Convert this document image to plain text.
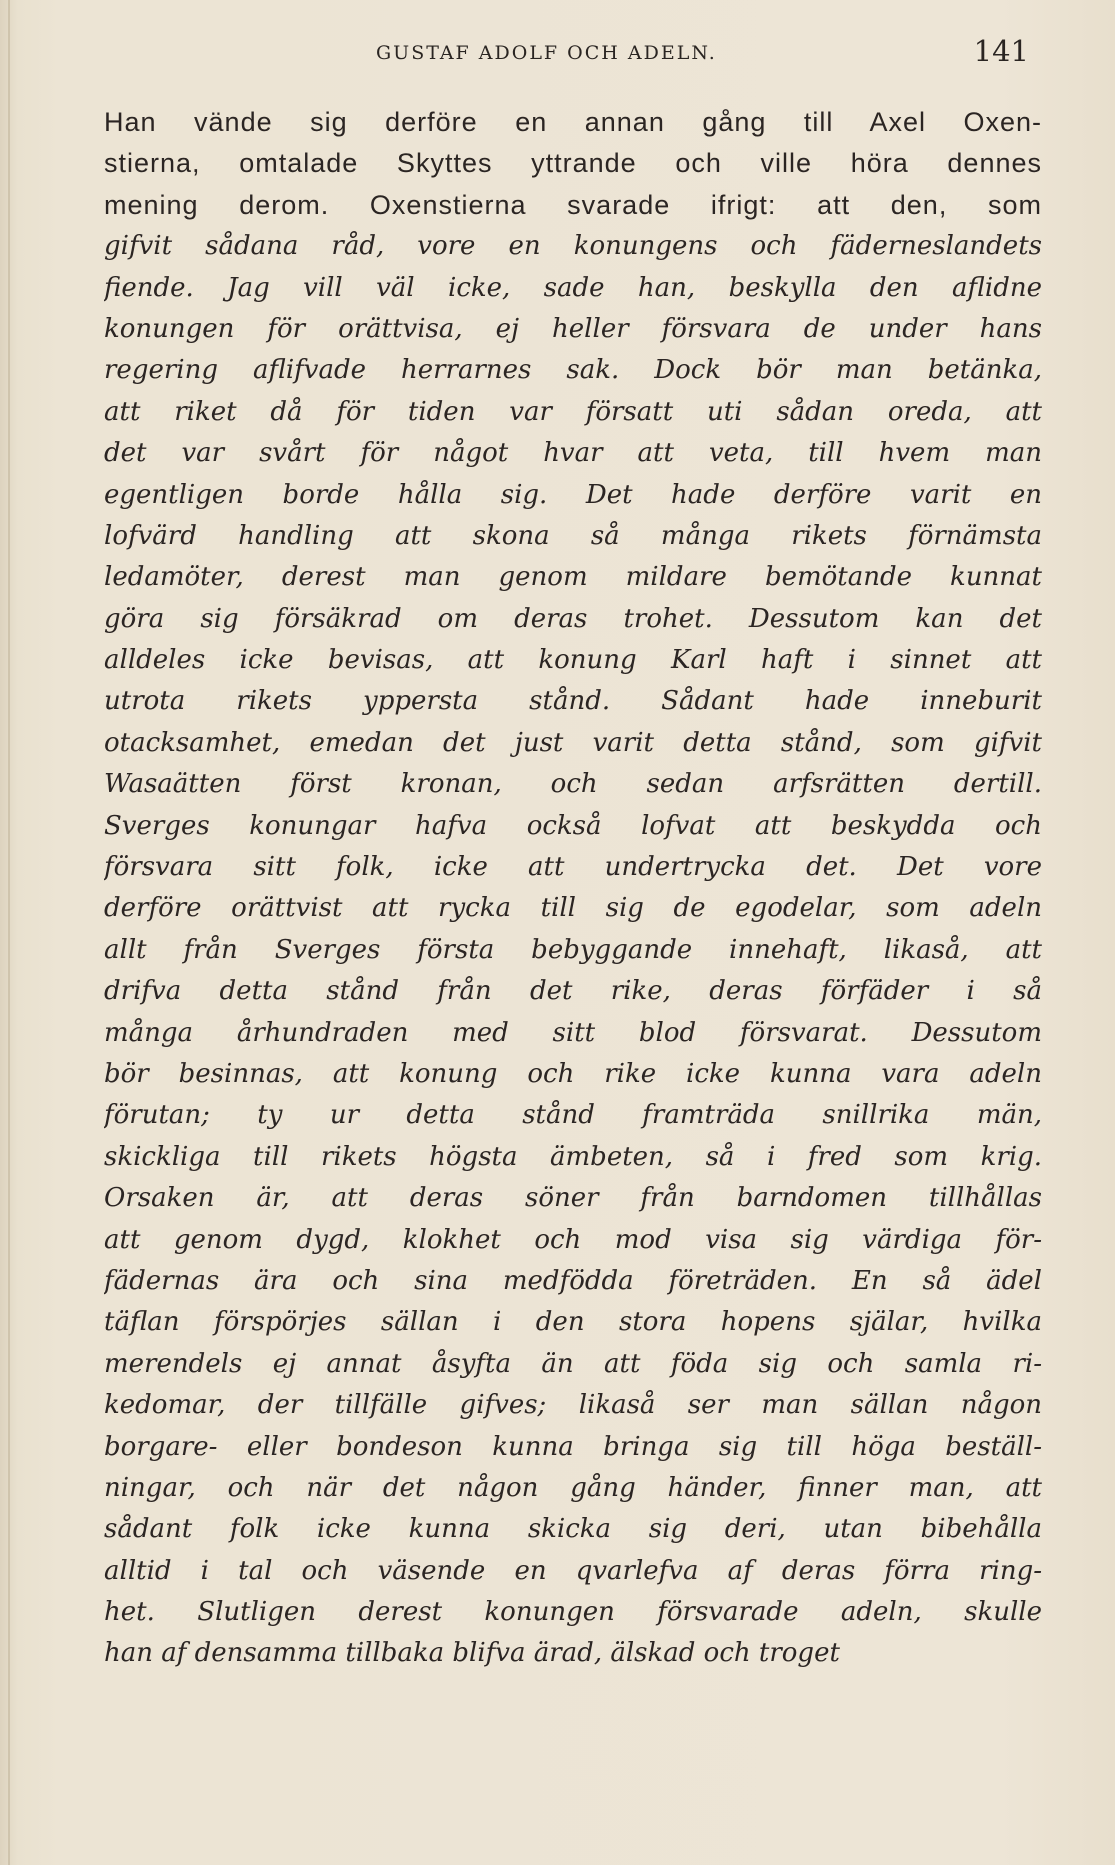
GUSTAF ADOLF OCH ADELN.	141
Han vände sig derföre en annan gång till Axel Oxen-
stierna, omtalade Skyttes yttrande och ville höra dennes
mening derom. Oxenstierna svarade ifrigt: att den, som
gifvit sådana råd, vore en konungens och fäderneslandets
fiende. Jag vill väl icke, sade han, beskylla den aflidne
konungen för orättvisa, ej heller försvara de under hans
regering aflifvade herrarnes sak. Dock bör man betänka,
att riket då för tiden var försatt uti sådan oreda, att
det var svårt för något hvar att veta, till hvem man
egentligen borde hålla sig. Det hade derföre varit en
lofvärd handling att skona så många rikets förnämsta
ledamöter, derest man genom mildare bemötande kunnat
göra sig försäkrad om deras trohet. Dessutom kan det
alldeles icke bevisas, att konung Karl haft i sinnet att
utrota rikets yppersta stånd. Sådant hade inneburit
otacksamhet, emedan det just varit detta stånd, som gifvit
Wasaätten först kronan, och sedan arfsrätten dertill.
Sverges konungar hafva också lofvat att beskydda och
försvara sitt folk, icke att undertrycka det. Det vore
derföre orättvist att rycka till sig de egodelar, som adeln
allt från Sverges första bebyggande innehaft, likaså, att
drifva detta stånd från det rike, deras förfäder i så
många århundraden med sitt blod försvarat. Dessutom
bör besinnas, att konung och rike icke kunna vara adeln
förutan; ty ur detta stånd framträda snillrika män,
skickliga till rikets högsta ämbeten, så i fred som krig.
Orsaken är, att deras söner från barndomen tillhållas
att genom dygd, klokhet och mod visa sig värdiga för-
fädernas ära och sina medfödda företräden. En så ädel
täflan förspörjes sällan i den stora hopens själar, hvilka
merendels ej annat åsyfta än att föda sig och samla ri-
kedomar, der tillfälle gifves; likaså ser man sällan någon
borgare- eller bondeson kunna bringa sig till höga beställ-
ningar, och när det någon gång händer, finner man, att
sådant folk icke kunna skicka sig deri, utan bibehålla
alltid i tal och väsende en qvarlefva af deras förra ring-
het. Slutligen derest konungen försvarade adeln, skulle
han af densamma tillbaka blifva ärad, älskad och troget
